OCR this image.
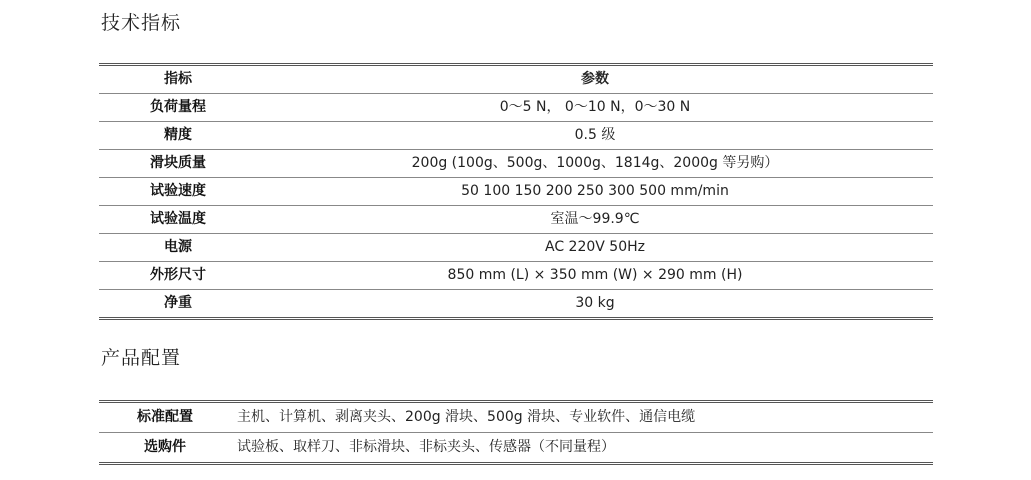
技术指标
指标	参数
负荷量程	0～5 N， 0～10 N，0～30 N
精度	0.5 级
滑块质量	200g (100g、500g、1000g、1814g、2000g 等另购）
试验速度	50 100 150 200 250 300 500 mm/min
试验温度	室温～99.9℃
电源	AC 220V 50Hz
外形尺寸	850 mm (L) × 350 mm (W) × 290 mm (H)
净重	30 kg
产品配置
标准配置	主机、计算机、剥离夹头、200g 滑块、500g 滑块、专业软件、通信电缆
选购件	试验板、取样刀、非标滑块、非标夹头、传感器（不同量程）
